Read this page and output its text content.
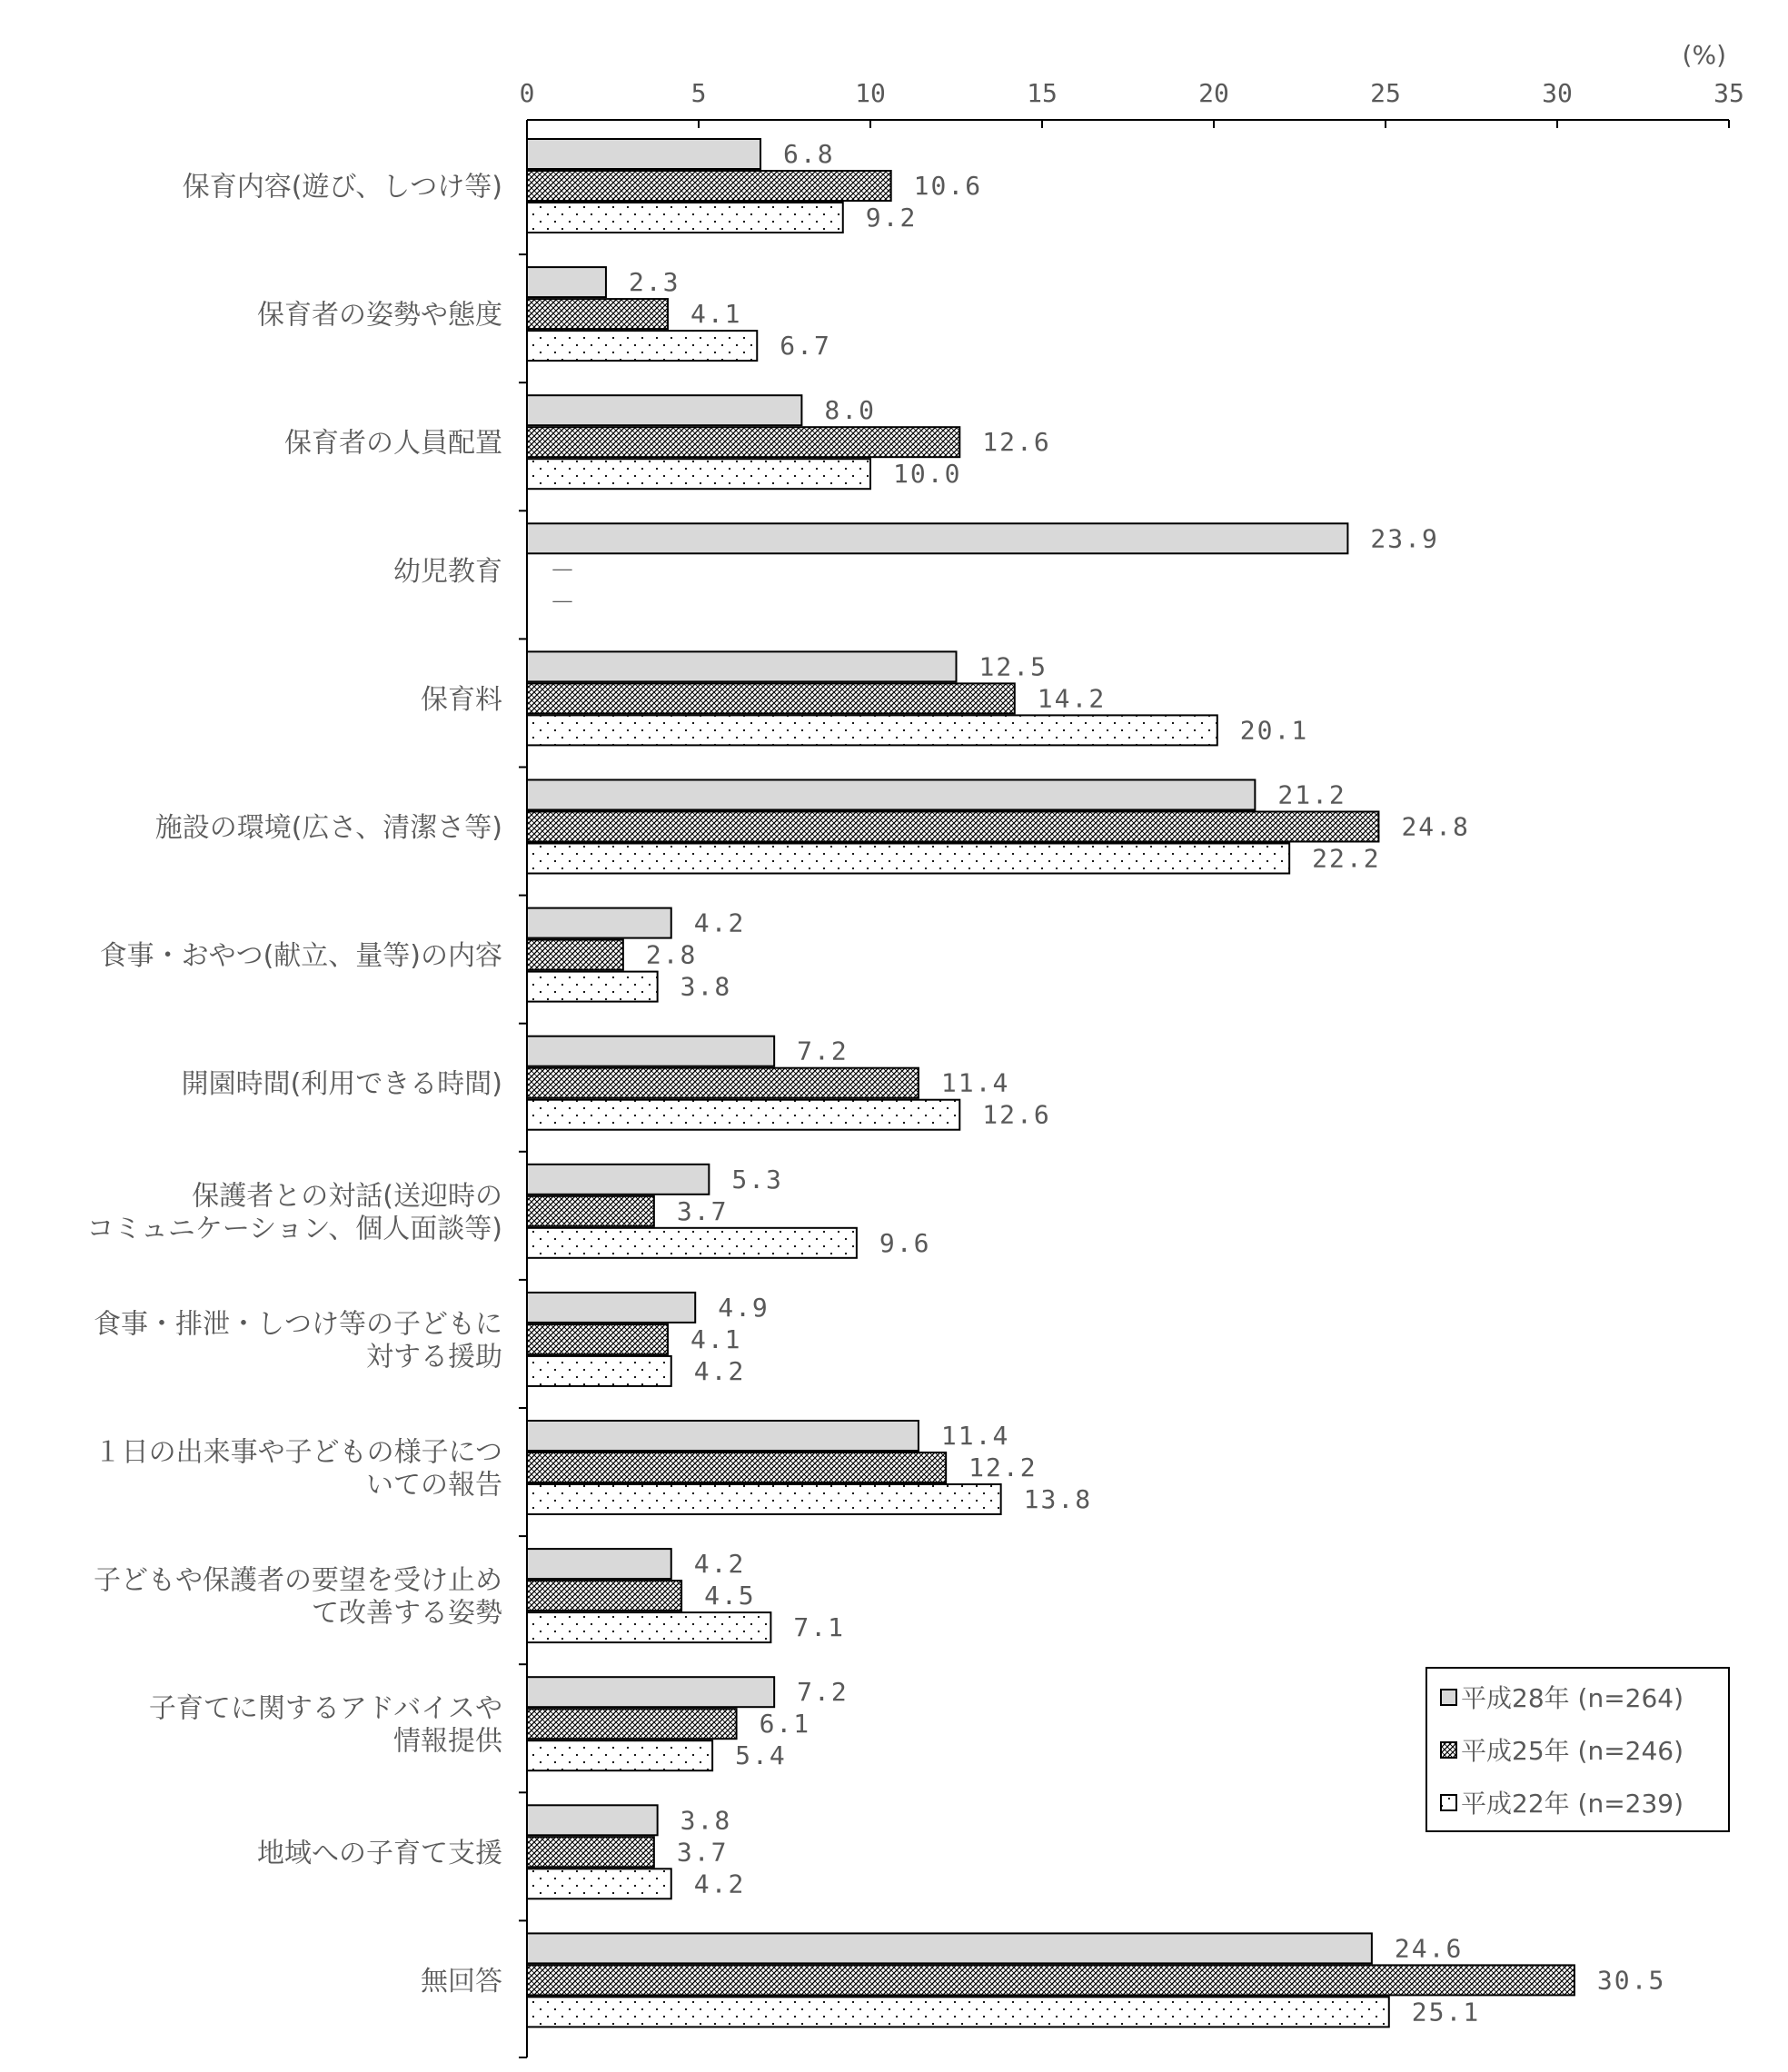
0	5	10	15	20	25	30	35
(%)
保育内容(遊び、しつけ等)
6.8
10.6
9.2
保育者の姿勢や態度
2.3
4.1
6.7
保育者の人員配置
8.0
12.6
10.0
幼児教育
23.9
－
－
保育料
12.5
14.2
20.1
施設の環境(広さ、清潔さ等)
21.2
24.8
22.2
食事・おやつ(献立、量等)の内容
4.2
2.8
3.8
開園時間(利用できる時間)
7.2
11.4
12.6
保護者との対話(送迎時の
コミュニケーション、個人面談等)
5.3
3.7
9.6
食事・排泄・しつけ等の子どもに
対する援助
4.9
4.1
4.2
１日の出来事や子どもの様子につ
いての報告
11.4
12.2
13.8
子どもや保護者の要望を受け止め
て改善する姿勢
4.2
4.5
7.1
子育てに関するアドバイスや
情報提供
7.2
6.1
5.4
地域への子育て支援
3.8
3.7
4.2
無回答
24.6
30.5
25.1
平成28年 (n=264)
平成25年 (n=246)
平成22年 (n=239)
